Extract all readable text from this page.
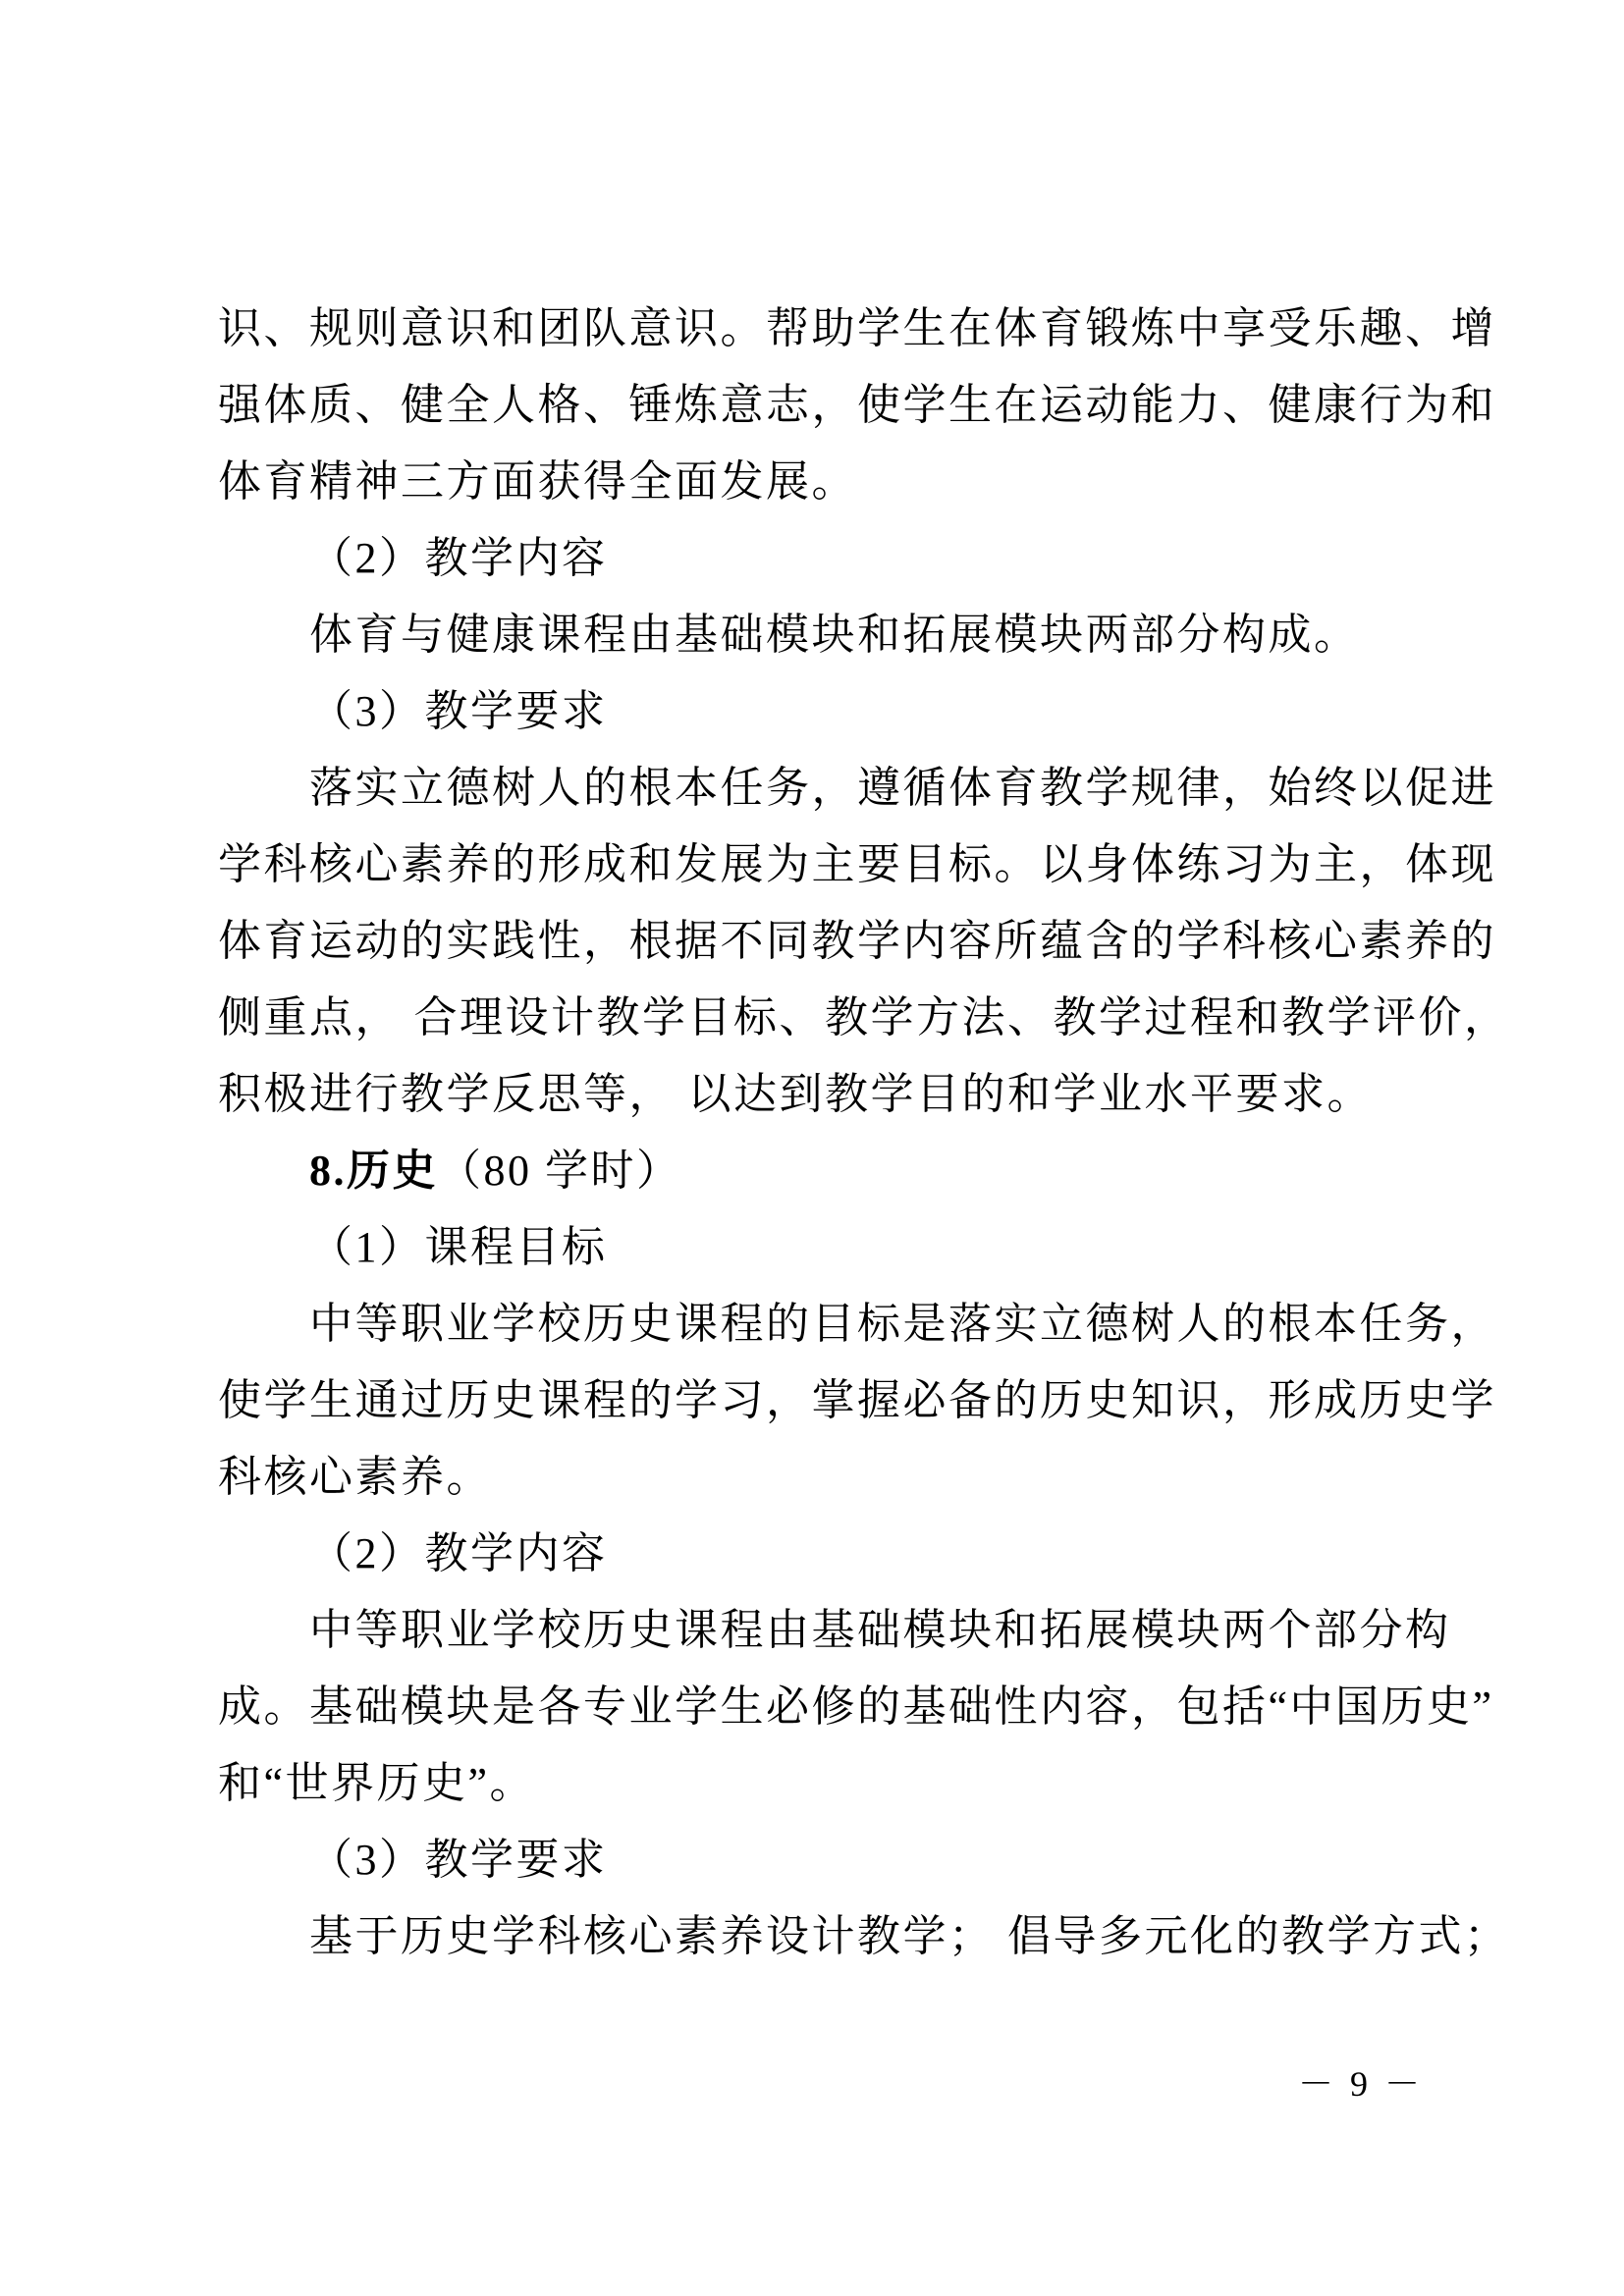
识、规则意识和团队意识。帮助学生在体育锻炼中享受乐趣、增
强体质、健全人格、锤炼意志，使学生在运动能力、健康行为和
体育精神三方面获得全面发展。
（2）教学内容
体育与健康课程由基础模块和拓展模块两部分构成。
（3）教学要求
落实立德树人的根本任务，遵循体育教学规律，始终以促进
学科核心素养的形成和发展为主要目标。以身体练习为主，体现
体育运动的实践性，根据不同教学内容所蕴含的学科核心素养的
侧重点， 合理设计教学目标、教学方法、教学过程和教学评价，
积极进行教学反思等， 以达到教学目的和学业水平要求。
8.历史（80 学时）
（1）课程目标
中等职业学校历史课程的目标是落实立德树人的根本任务，
使学生通过历史课程的学习，掌握必备的历史知识，形成历史学
科核心素养。
（2）教学内容
中等职业学校历史课程由基础模块和拓展模块两个部分构
成。基础模块是各专业学生必修的基础性内容，包括“中国历史”
和“世界历史”。
（3）教学要求
基于历史学科核心素养设计教学； 倡导多元化的教学方式；
－ 9 －
